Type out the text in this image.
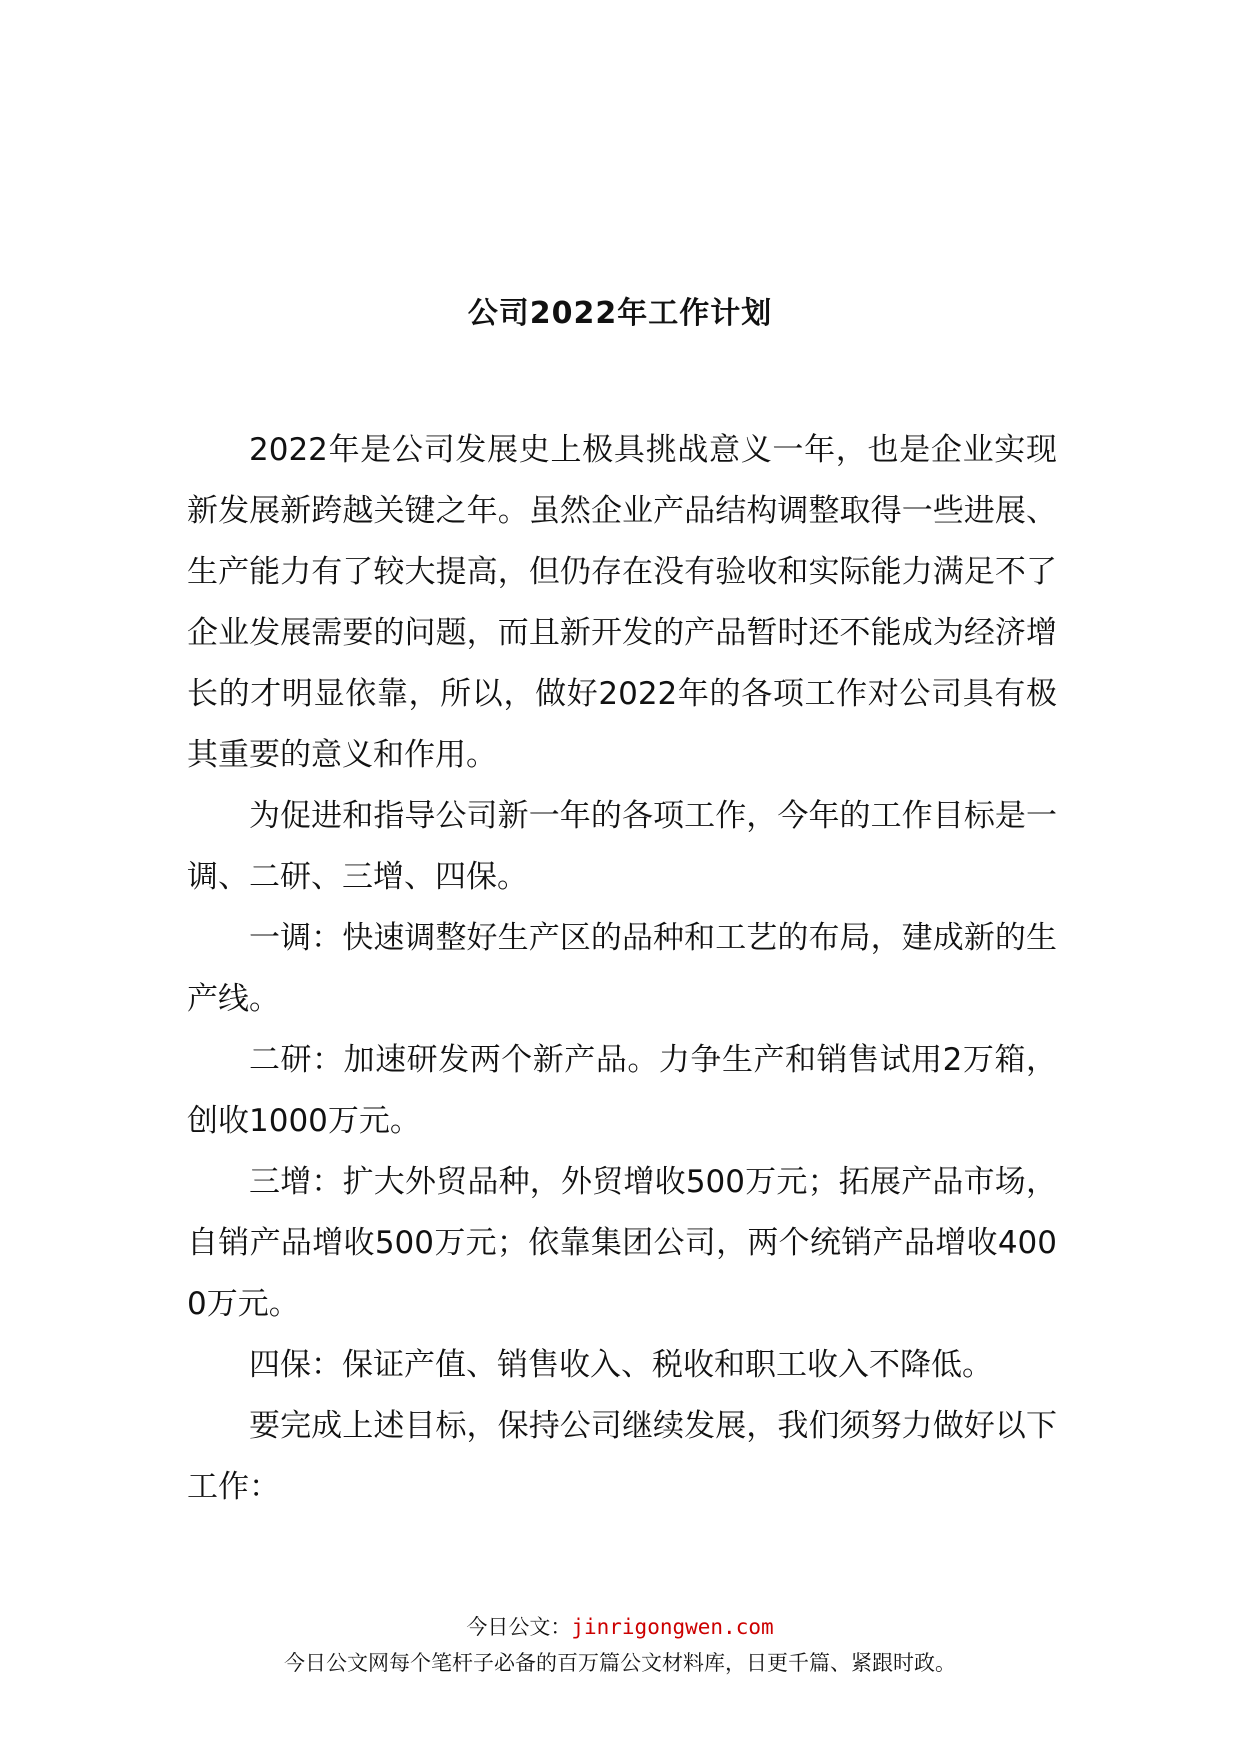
公司2022年工作计划

2022年是公司发展史上极具挑战意义一年，也是企业实现新发展新跨越关键之年。虽然企业产品结构调整取得一些进展、生产能力有了较大提高，但仍存在没有验收和实际能力满足不了企业发展需要的问题，而且新开发的产品暂时还不能成为经济增长的才明显依靠，所以，做好2022年的各项工作对公司具有极其重要的意义和作用。

为促进和指导公司新一年的各项工作，今年的工作目标是一调、二研、三增、四保。

一调：快速调整好生产区的品种和工艺的布局，建成新的生产线。

二研：加速研发两个新产品。力争生产和销售试用2万箱，创收1000万元。

三增：扩大外贸品种，外贸增收500万元；拓展产品市场，自销产品增收500万元；依靠集团公司，两个统销产品增收4000万元。

四保：保证产值、销售收入、税收和职工收入不降低。

要完成上述目标，保持公司继续发展，我们须努力做好以下工作：

今日公文：jinrigongwen.com
今日公文网每个笔杆子必备的百万篇公文材料库，日更千篇、紧跟时政。
